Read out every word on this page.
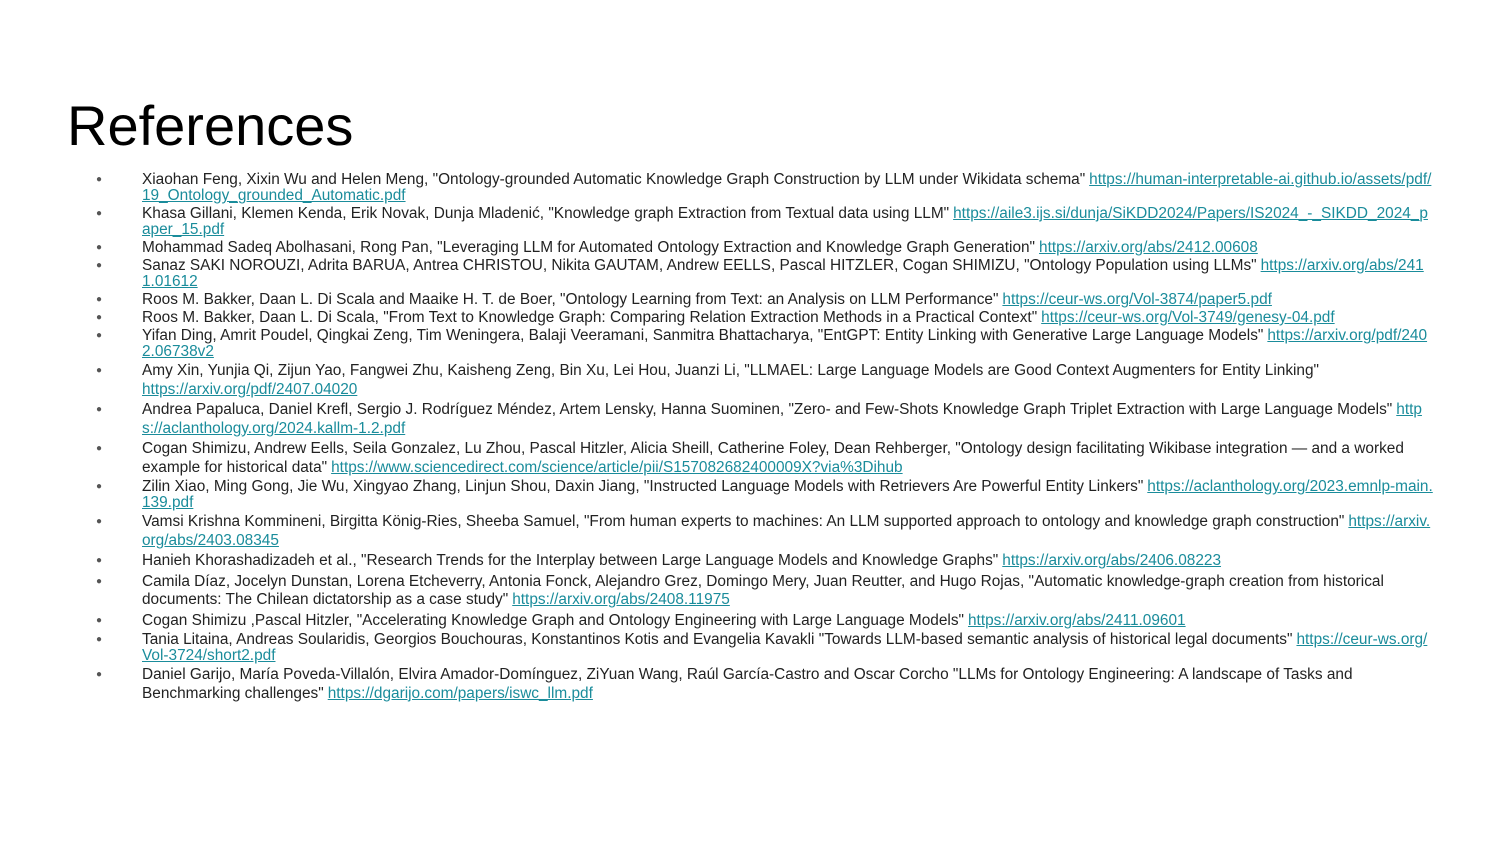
References
● Xiaohan Feng, Xixin Wu and Helen Meng, "Ontology-grounded Automatic Knowledge Graph Construction by LLM under Wikidata schema" https://human-interpretable-ai.github.io/assets/pdf/19_Ontology_grounded_Automatic.pdf
● Khasa Gillani, Klemen Kenda, Erik Novak, Dunja Mladenić, "Knowledge graph Extraction from Textual data using LLM" https://aile3.ijs.si/dunja/SiKDD2024/Papers/IS2024_-_SIKDD_2024_paper_15.pdf
● Mohammad Sadeq Abolhasani, Rong Pan, "Leveraging LLM for Automated Ontology Extraction and Knowledge Graph Generation" https://arxiv.org/abs/2412.00608
● Sanaz SAKI NOROUZI, Adrita BARUA, Antrea CHRISTOU, Nikita GAUTAM, Andrew EELLS, Pascal HITZLER, Cogan SHIMIZU, "Ontology Population using LLMs" https://arxiv.org/abs/2411.01612
● Roos M. Bakker, Daan L. Di Scala and Maaike H. T. de Boer, "Ontology Learning from Text: an Analysis on LLM Performance" https://ceur-ws.org/Vol-3874/paper5.pdf
● Roos M. Bakker, Daan L. Di Scala, "From Text to Knowledge Graph: Comparing Relation Extraction Methods in a Practical Context" https://ceur-ws.org/Vol-3749/genesy-04.pdf
● Yifan Ding, Amrit Poudel, Qingkai Zeng, Tim Weningera, Balaji Veeramani, Sanmitra Bhattacharya, "EntGPT: Entity Linking with Generative Large Language Models" https://arxiv.org/pdf/2402.06738v2
● Amy Xin, Yunjia Qi, Zijun Yao, Fangwei Zhu, Kaisheng Zeng, Bin Xu, Lei Hou, Juanzi Li, "LLMAEL: Large Language Models are Good Context Augmenters for Entity Linking"
https://arxiv.org/pdf/2407.04020
● Andrea Papaluca, Daniel Krefl, Sergio J. Rodríguez Méndez, Artem Lensky, Hanna Suominen, "Zero- and Few-Shots Knowledge Graph Triplet Extraction with Large Language Models" https://aclanthology.org/2024.kallm-1.2.pdf
● Cogan Shimizu, Andrew Eells, Seila Gonzalez, Lu Zhou, Pascal Hitzler, Alicia Sheill, Catherine Foley, Dean Rehberger, "Ontology design facilitating Wikibase integration — and a worked example for historical data" https://www.sciencedirect.com/science/article/pii/S157082682400009X?via%3Dihub
● Zilin Xiao, Ming Gong, Jie Wu, Xingyao Zhang, Linjun Shou, Daxin Jiang, "Instructed Language Models with Retrievers Are Powerful Entity Linkers" https://aclanthology.org/2023.emnlp-main.139.pdf
● Vamsi Krishna Kommineni, Birgitta König-Ries, Sheeba Samuel, "From human experts to machines: An LLM supported approach to ontology and knowledge graph construction" https://arxiv.org/abs/2403.08345
● Hanieh Khorashadizadeh et al., "Research Trends for the Interplay between Large Language Models and Knowledge Graphs" https://arxiv.org/abs/2406.08223
● Camila Díaz, Jocelyn Dunstan, Lorena Etcheverry, Antonia Fonck, Alejandro Grez, Domingo Mery, Juan Reutter, and Hugo Rojas, "Automatic knowledge-graph creation from historical documents: The Chilean dictatorship as a case study" https://arxiv.org/abs/2408.11975
● Cogan Shimizu ,Pascal Hitzler, "Accelerating Knowledge Graph and Ontology Engineering with Large Language Models" https://arxiv.org/abs/2411.09601
● Tania Litaina, Andreas Soularidis, Georgios Bouchouras, Konstantinos Kotis and Evangelia Kavakli "Towards LLM-based semantic analysis of historical legal documents" https://ceur-ws.org/Vol-3724/short2.pdf
● Daniel Garijo, María Poveda-Villalón, Elvira Amador-Domínguez, ZiYuan Wang, Raúl García-Castro and Oscar Corcho "LLMs for Ontology Engineering: A landscape of Tasks and Benchmarking challenges" https://dgarijo.com/papers/iswc_llm.pdf
